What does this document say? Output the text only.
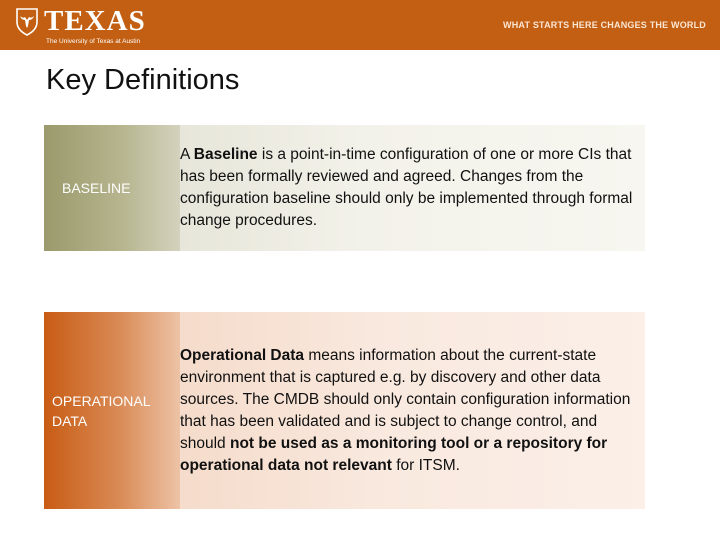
TEXAS
The University of Texas at Austin
WHAT STARTS HERE CHANGES THE WORLD
Key Definitions
BASELINE

A Baseline is a point-in-time configuration of one or more CIs that has been formally reviewed and agreed. Changes from the configuration baseline should only be implemented through formal change procedures.

OPERATIONAL DATA

Operational Data means information about the current-state environment that is captured e.g. by discovery and other data sources. The CMDB should only contain configuration information that has been validated and is subject to change control, and should not be used as a monitoring tool or a repository for operational data not relevant for ITSM.
